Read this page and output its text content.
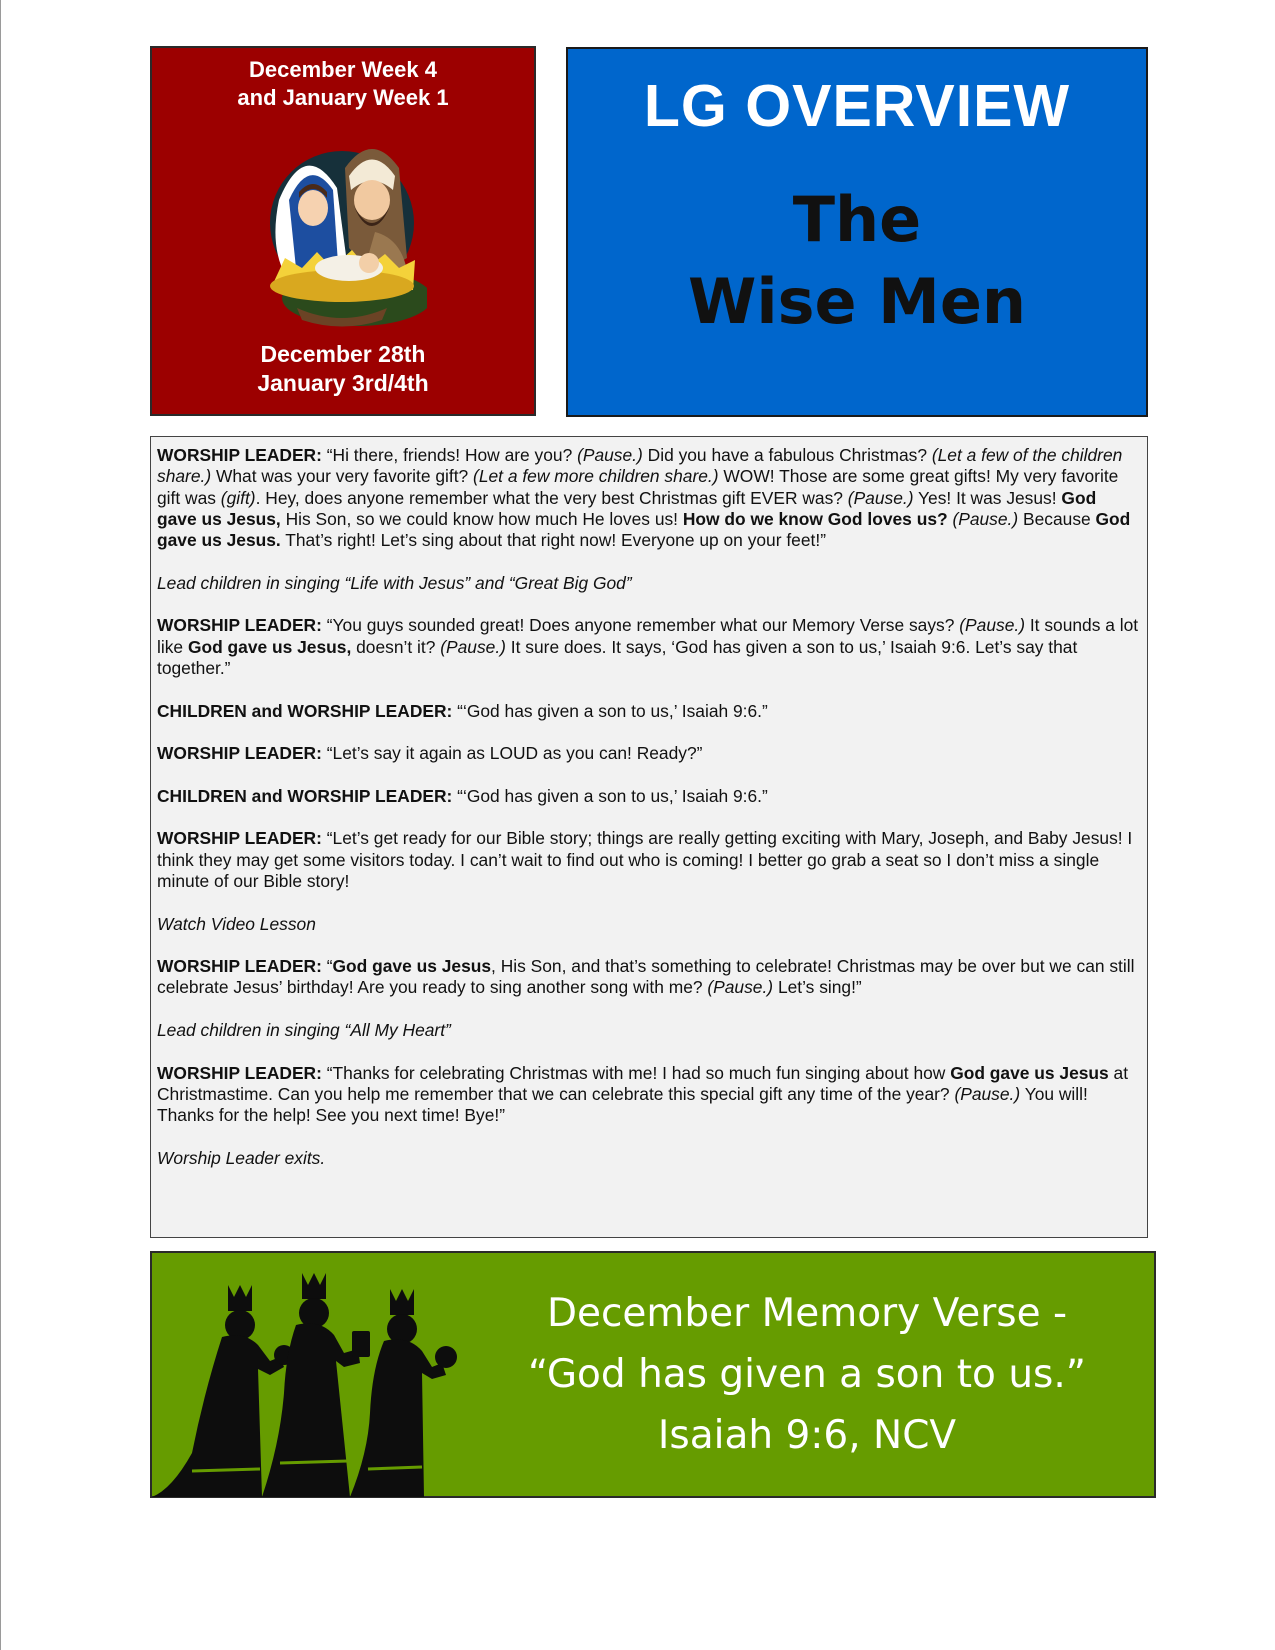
December Week 4
and January Week 1
December 28th
January 3rd/4th
LG OVERVIEW
The
Wise Men

WORSHIP LEADER: “Hi there, friends! How are you? (Pause.) Did you have a fabulous Christmas? (Let a few of the children share.) What was your very favorite gift? (Let a few more children share.) WOW! Those are some great gifts! My very favorite gift was (gift). Hey, does anyone remember what the very best Christmas gift EVER was? (Pause.) Yes! It was Jesus! God gave us Jesus, His Son, so we could know how much He loves us! How do we know God loves us? (Pause.) Because God gave us Jesus. That’s right! Let’s sing about that right now! Everyone up on your feet!”

Lead children in singing “Life with Jesus” and “Great Big God”

WORSHIP LEADER: “You guys sounded great! Does anyone remember what our Memory Verse says? (Pause.) It sounds a lot like God gave us Jesus, doesn’t it? (Pause.) It sure does. It says, ‘God has given a son to us,’ Isaiah 9:6. Let’s say that together.”

CHILDREN and WORSHIP LEADER: “‘God has given a son to us,’ Isaiah 9:6.”

WORSHIP LEADER: “Let’s say it again as LOUD as you can! Ready?”

CHILDREN and WORSHIP LEADER: “‘God has given a son to us,’ Isaiah 9:6.”

WORSHIP LEADER: “Let’s get ready for our Bible story; things are really getting exciting with Mary, Joseph, and Baby Jesus! I think they may get some visitors today. I can’t wait to find out who is coming! I better go grab a seat so I don’t miss a single minute of our Bible story!

Watch Video Lesson

WORSHIP LEADER: “God gave us Jesus, His Son, and that’s something to celebrate! Christmas may be over but we can still celebrate Jesus’ birthday! Are you ready to sing another song with me? (Pause.) Let’s sing!”

Lead children in singing “All My Heart”

WORSHIP LEADER: “Thanks for celebrating Christmas with me! I had so much fun singing about how God gave us Jesus at Christmastime. Can you help me remember that we can celebrate this special gift any time of the year? (Pause.) You will! Thanks for the help! See you next time! Bye!”

Worship Leader exits.

December Memory Verse -
“God has given a son to us.”
Isaiah 9:6, NCV
